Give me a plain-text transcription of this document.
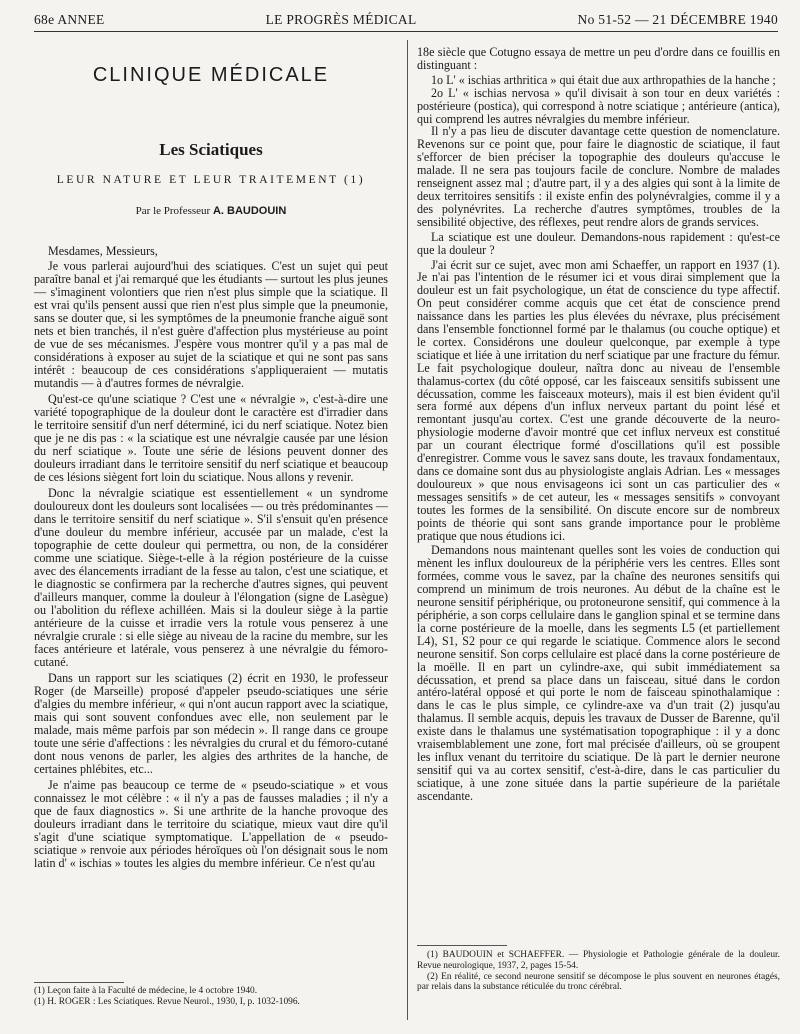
68e ANNEE	LE PROGRÈS MÉDICAL	No 51-52 — 21 DÉCEMBRE 1940
CLINIQUE MÉDICALE
Les Sciatiques
LEUR NATURE ET LEUR TRAITEMENT (1)
Par le Professeur A. BAUDOUIN

Mesdames, Messieurs,

Je vous parlerai aujourd'hui des sciatiques. C'est un sujet qui peut paraître banal et j'ai remarqué que les étudiants — surtout les plus jeunes — s'imaginent volontiers que rien n'est plus simple que la sciatique. Il est vrai qu'ils pensent aussi que rien n'est plus simple que la pneumonie, sans se douter que, si les symptômes de la pneumonie franche aiguë sont nets et bien tranchés, il n'est guère d'affection plus mystérieuse au point de vue de ses mécanismes. J'espère vous montrer qu'il y a pas mal de considérations à exposer au sujet de la sciatique et qui ne sont pas sans intérêt : beaucoup de ces considérations s'appliqueraient — mutatis mutandis — à d'autres formes de névralgie.

Qu'est-ce qu'une sciatique ? C'est une « névralgie », c'est-à-dire une variété topographique de la douleur dont le caractère est d'irradier dans le territoire sensitif d'un nerf déterminé, ici du nerf sciatique. Notez bien que je ne dis pas : « la sciatique est une névralgie causée par une lésion du nerf sciatique ». Toute une série de lésions peuvent donner des douleurs irradiant dans le territoire sensitif du nerf sciatique et beaucoup de ces lésions siègent fort loin du sciatique. Nous allons y revenir.

Donc la névralgie sciatique est essentiellement « un syndrome douloureux dont les douleurs sont localisées — ou très prédominantes — dans le territoire sensitif du nerf sciatique ». S'il s'ensuit qu'en présence d'une douleur du membre inférieur, accusée par un malade, c'est la topographie de cette douleur qui permettra, ou non, de la considérer comme une sciatique. Siège-t-elle à la région postérieure de la cuisse avec des élancements irradiant de la fesse au talon, c'est une sciatique, et le diagnostic se confirmera par la recherche d'autres signes, qui peuvent d'ailleurs manquer, comme la douleur à l'élongation (signe de Lasègue) ou l'abolition du réflexe achilléen. Mais si la douleur siège à la partie antérieure de la cuisse et irradie vers la rotule vous penserez à une névralgie crurale : si elle siège au niveau de la racine du membre, sur les faces antérieure et latérale, vous penserez à une névralgie du fémoro-cutané.

Dans un rapport sur les sciatiques (2) écrit en 1930, le professeur Roger (de Marseille) proposé d'appeler pseudo-sciatiques une série d'algies du membre inférieur, « qui n'ont aucun rapport avec la sciatique, mais qui sont souvent confondues avec elle, non seulement par le malade, mais même parfois par son médecin ». Il range dans ce groupe toute une série d'affections : les névralgies du crural et du fémoro-cutané dont nous venons de parler, les algies des arthrites de la hanche, de certaines phlébites, etc...

Je n'aime pas beaucoup ce terme de « pseudo-sciatique » et vous connaissez le mot célèbre : « il n'y a pas de fausses maladies ; il n'y a que de faux diagnostics ». Si une arthrite de la hanche provoque des douleurs irradiant dans le territoire du sciatique, mieux vaut dire qu'il s'agit d'une sciatique symptomatique. L'appellation de « pseudo-sciatique » renvoie aux périodes héroïques où l'on désignait sous le nom latin d' « ischias » toutes les algies du membre inférieur. Ce n'est qu'au

(1) Leçon faite à la Faculté de médecine, le 4 octobre 1940.
(1) H. ROGER : Les Sciatiques. Revue Neurol., 1930, I, p. 1032-1096.

18e siècle que Cotugno essaya de mettre un peu d'ordre dans ce fouillis en distinguant :

1o L' « ischias arthritica » qui était due aux arthropathies de la hanche ;

2o L' « ischias nervosa » qu'il divisait à son tour en deux variétés : postérieure (postica), qui correspond à notre sciatique ; antérieure (antica), qui comprend les autres névralgies du membre inférieur.

Il n'y a pas lieu de discuter davantage cette question de nomenclature. Revenons sur ce point que, pour faire le diagnostic de sciatique, il faut s'efforcer de bien préciser la topographie des douleurs qu'accuse le malade. Il ne sera pas toujours facile de conclure. Nombre de malades renseignent assez mal ; d'autre part, il y a des algies qui sont à la limite de deux territoires sensitifs : il existe enfin des polynévralgies, comme il y a des polynévrites. La recherche d'autres symptômes, troubles de la sensibilité objective, des réflexes, peut rendre alors de grands services.

La sciatique est une douleur. Demandons-nous rapidement : qu'est-ce que la douleur ?

J'ai écrit sur ce sujet, avec mon ami Schaeffer, un rapport en 1937 (1). Je n'ai pas l'intention de le résumer ici et vous dirai simplement que la douleur est un fait psychologique, un état de conscience du type affectif. On peut considérer comme acquis que cet état de conscience prend naissance dans les parties les plus élevées du névraxe, plus précisément dans l'ensemble fonctionnel formé par le thalamus (ou couche optique) et le cortex. Considérons une douleur quelconque, par exemple à type sciatique et liée à une irritation du nerf sciatique par une fracture du fémur. Le fait psychologique douleur, naîtra donc au niveau de l'ensemble thalamus-cortex (du côté opposé, car les faisceaux sensitifs subissent une décussation, comme les faisceaux moteurs), mais il est bien évident qu'il sera formé aux dépens d'un influx nerveux partant du point lésé et remontant jusqu'au cortex. C'est une grande découverte de la neuro-physiologie moderne d'avoir montré que cet influx nerveux est constitué par un courant électrique formé d'oscillations qu'il est possible d'enregistrer. Comme vous le savez sans doute, les travaux fondamentaux, dans ce domaine sont dus au physiologiste anglais Adrian. Les « messages douloureux » que nous envisageons ici sont un cas particulier des « messages sensitifs » de cet auteur, les « messages sensitifs » convoyant toutes les formes de la sensibilité. On discute encore sur de nombreux points de théorie qui sont sans grande importance pour le problème pratique que nous étudions ici.

Demandons nous maintenant quelles sont les voies de conduction qui mènent les influx douloureux de la périphérie vers les centres. Elles sont formées, comme vous le savez, par la chaîne des neurones sensitifs qui comprend un minimum de trois neurones. Au début de la chaîne est le neurone sensitif périphérique, ou protoneurone sensitif, qui commence à la périphérie, a son corps cellulaire dans le ganglion spinal et se termine dans la corne postérieure de la moelle, dans les segments L5 (et partiellement L4), S1, S2 pour ce qui regarde le sciatique. Commence alors le second neurone sensitif. Son corps cellulaire est placé dans la corne postérieure de la moëlle. Il en part un cylindre-axe, qui subit immédiatement sa décussation, et prend sa place dans un faisceau, situé dans le cordon antéro-latéral opposé et qui porte le nom de faisceau spinothalamique : dans le cas le plus simple, ce cylindre-axe va d'un trait (2) jusqu'au thalamus. Il semble acquis, depuis les travaux de Dusser de Barenne, qu'il existe dans le thalamus une systématisation topographique : il y a donc vraisemblablement une zone, fort mal précisée d'ailleurs, où se groupent les influx venant du territoire du sciatique. De là part le dernier neurone sensitif qui va au cortex sensitif, c'est-à-dire, dans le cas particulier du sciatique, à une zone située dans la partie supérieure de la pariétale ascendante.

(1) BAUDOUIN et SCHAEFFER. — Physiologie et Pathologie générale de la douleur. Revue neurologique, 1937, 2, pages 15-54.
(2) En réalité, ce second neurone sensitif se décompose le plus souvent en neurones étagés, par relais dans la substance réticulée du tronc cérébral.
